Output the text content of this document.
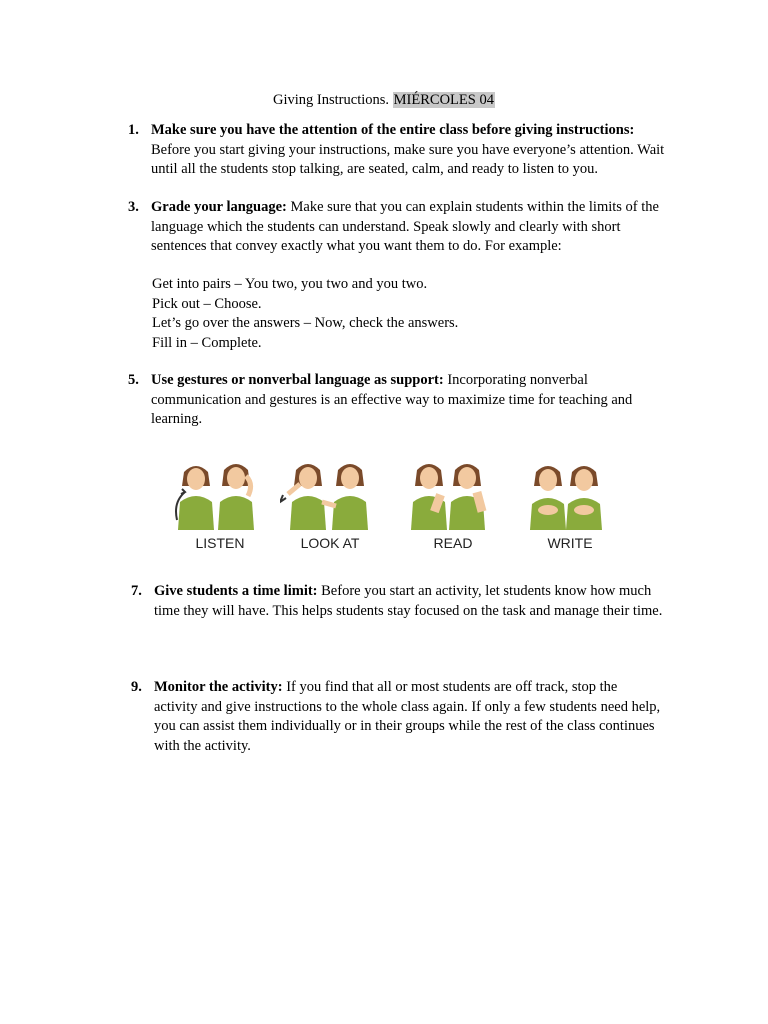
Giving Instructions. MIÉRCOLES 04
1. Make sure you have the attention of the entire class before giving instructions: Before you start giving your instructions, make sure you have everyone’s attention. Wait until all the students stop talking, are seated, calm, and ready to listen to you.
3. Grade your language: Make sure that you can explain students within the limits of the language which the students can understand. Speak slowly and clearly with short sentences that convey exactly what you want them to do. For example:
Get into pairs – You two, you two and you two.
Pick out – Choose.
Let’s go over the answers – Now, check the answers.
Fill in – Complete.
5. Use gestures or nonverbal language as support: Incorporating nonverbal communication and gestures is an effective way to maximize time for teaching and learning.
LISTEN	LOOK AT	READ	WRITE
7. Give students a time limit: Before you start an activity, let students know how much time they will have. This helps students stay focused on the task and manage their time.
9. Monitor the activity: If you find that all or most students are off track, stop the activity and give instructions to the whole class again. If only a few students need help, you can assist them individually or in their groups while the rest of the class continues with the activity.
